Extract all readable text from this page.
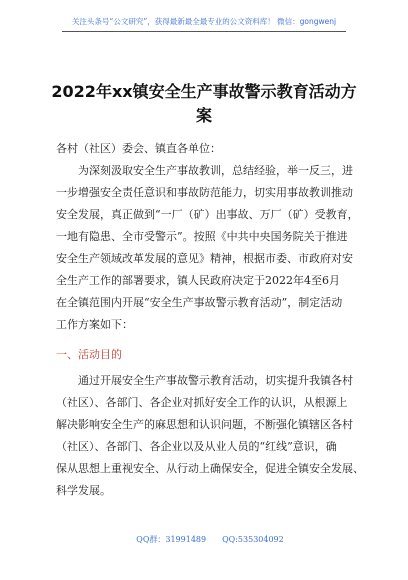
关注头条号“公文研究”，获得最新最全最专业的公文资料库！ 微信：gongwenj
2022年xx镇安全生产事故警示教育活动方
案
各村（社区）委会、镇直各单位：
为深刻汲取安全生产事故教训，总结经验，举一反三，进
一步增强安全责任意识和事故防范能力，切实用事故教训推动
安全发展，真正做到“一厂（矿）出事故、万厂（矿）受教育，
一地有隐患、全市受警示”。按照《中共中央国务院关于推进
安全生产领域改革发展的意见》精神，根据市委、市政府对安
全生产工作的部署要求，镇人民政府决定于2022年4至6月
在全镇范围内开展“安全生产事故警示教育活动”，制定活动
工作方案如下：
一、活动目的
通过开展安全生产事故警示教育活动，切实提升我镇各村
（社区）、各部门、各企业对抓好安全工作的认识，从根源上
解决影响安全生产的麻思想和认识问题，不断强化镇辖区各村
（社区）、各部门、各企业以及从业人员的“红线”意识，确
保从思想上重视安全、从行动上确保安全，促进全镇安全发展、
科学发展。
QQ群：31991489 QQ:535304092
